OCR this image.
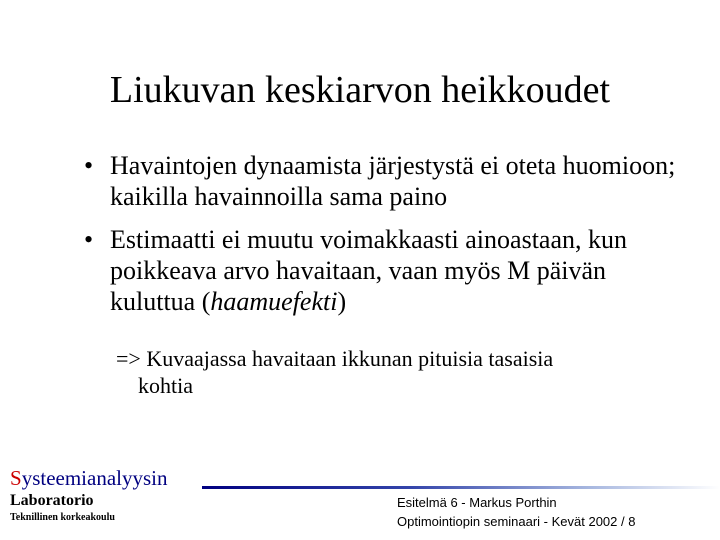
Liukuvan keskiarvon heikkoudet
• Havaintojen dynaamista järjestystä ei oteta huomioon; kaikilla havainnoilla sama paino
• Estimaatti ei muutu voimakkaasti ainoastaan, kun poikkeava arvo havaitaan, vaan myös M päivän kuluttua (haamuefekti)
=> Kuvaajassa havaitaan ikkunan pituisia tasaisia
kohtia
Systeemianalyysin
Laboratorio
Teknillinen korkeakoulu
Esitelmä 6 - Markus Porthin
Optimointiopin seminaari - Kevät 2002 / 8
